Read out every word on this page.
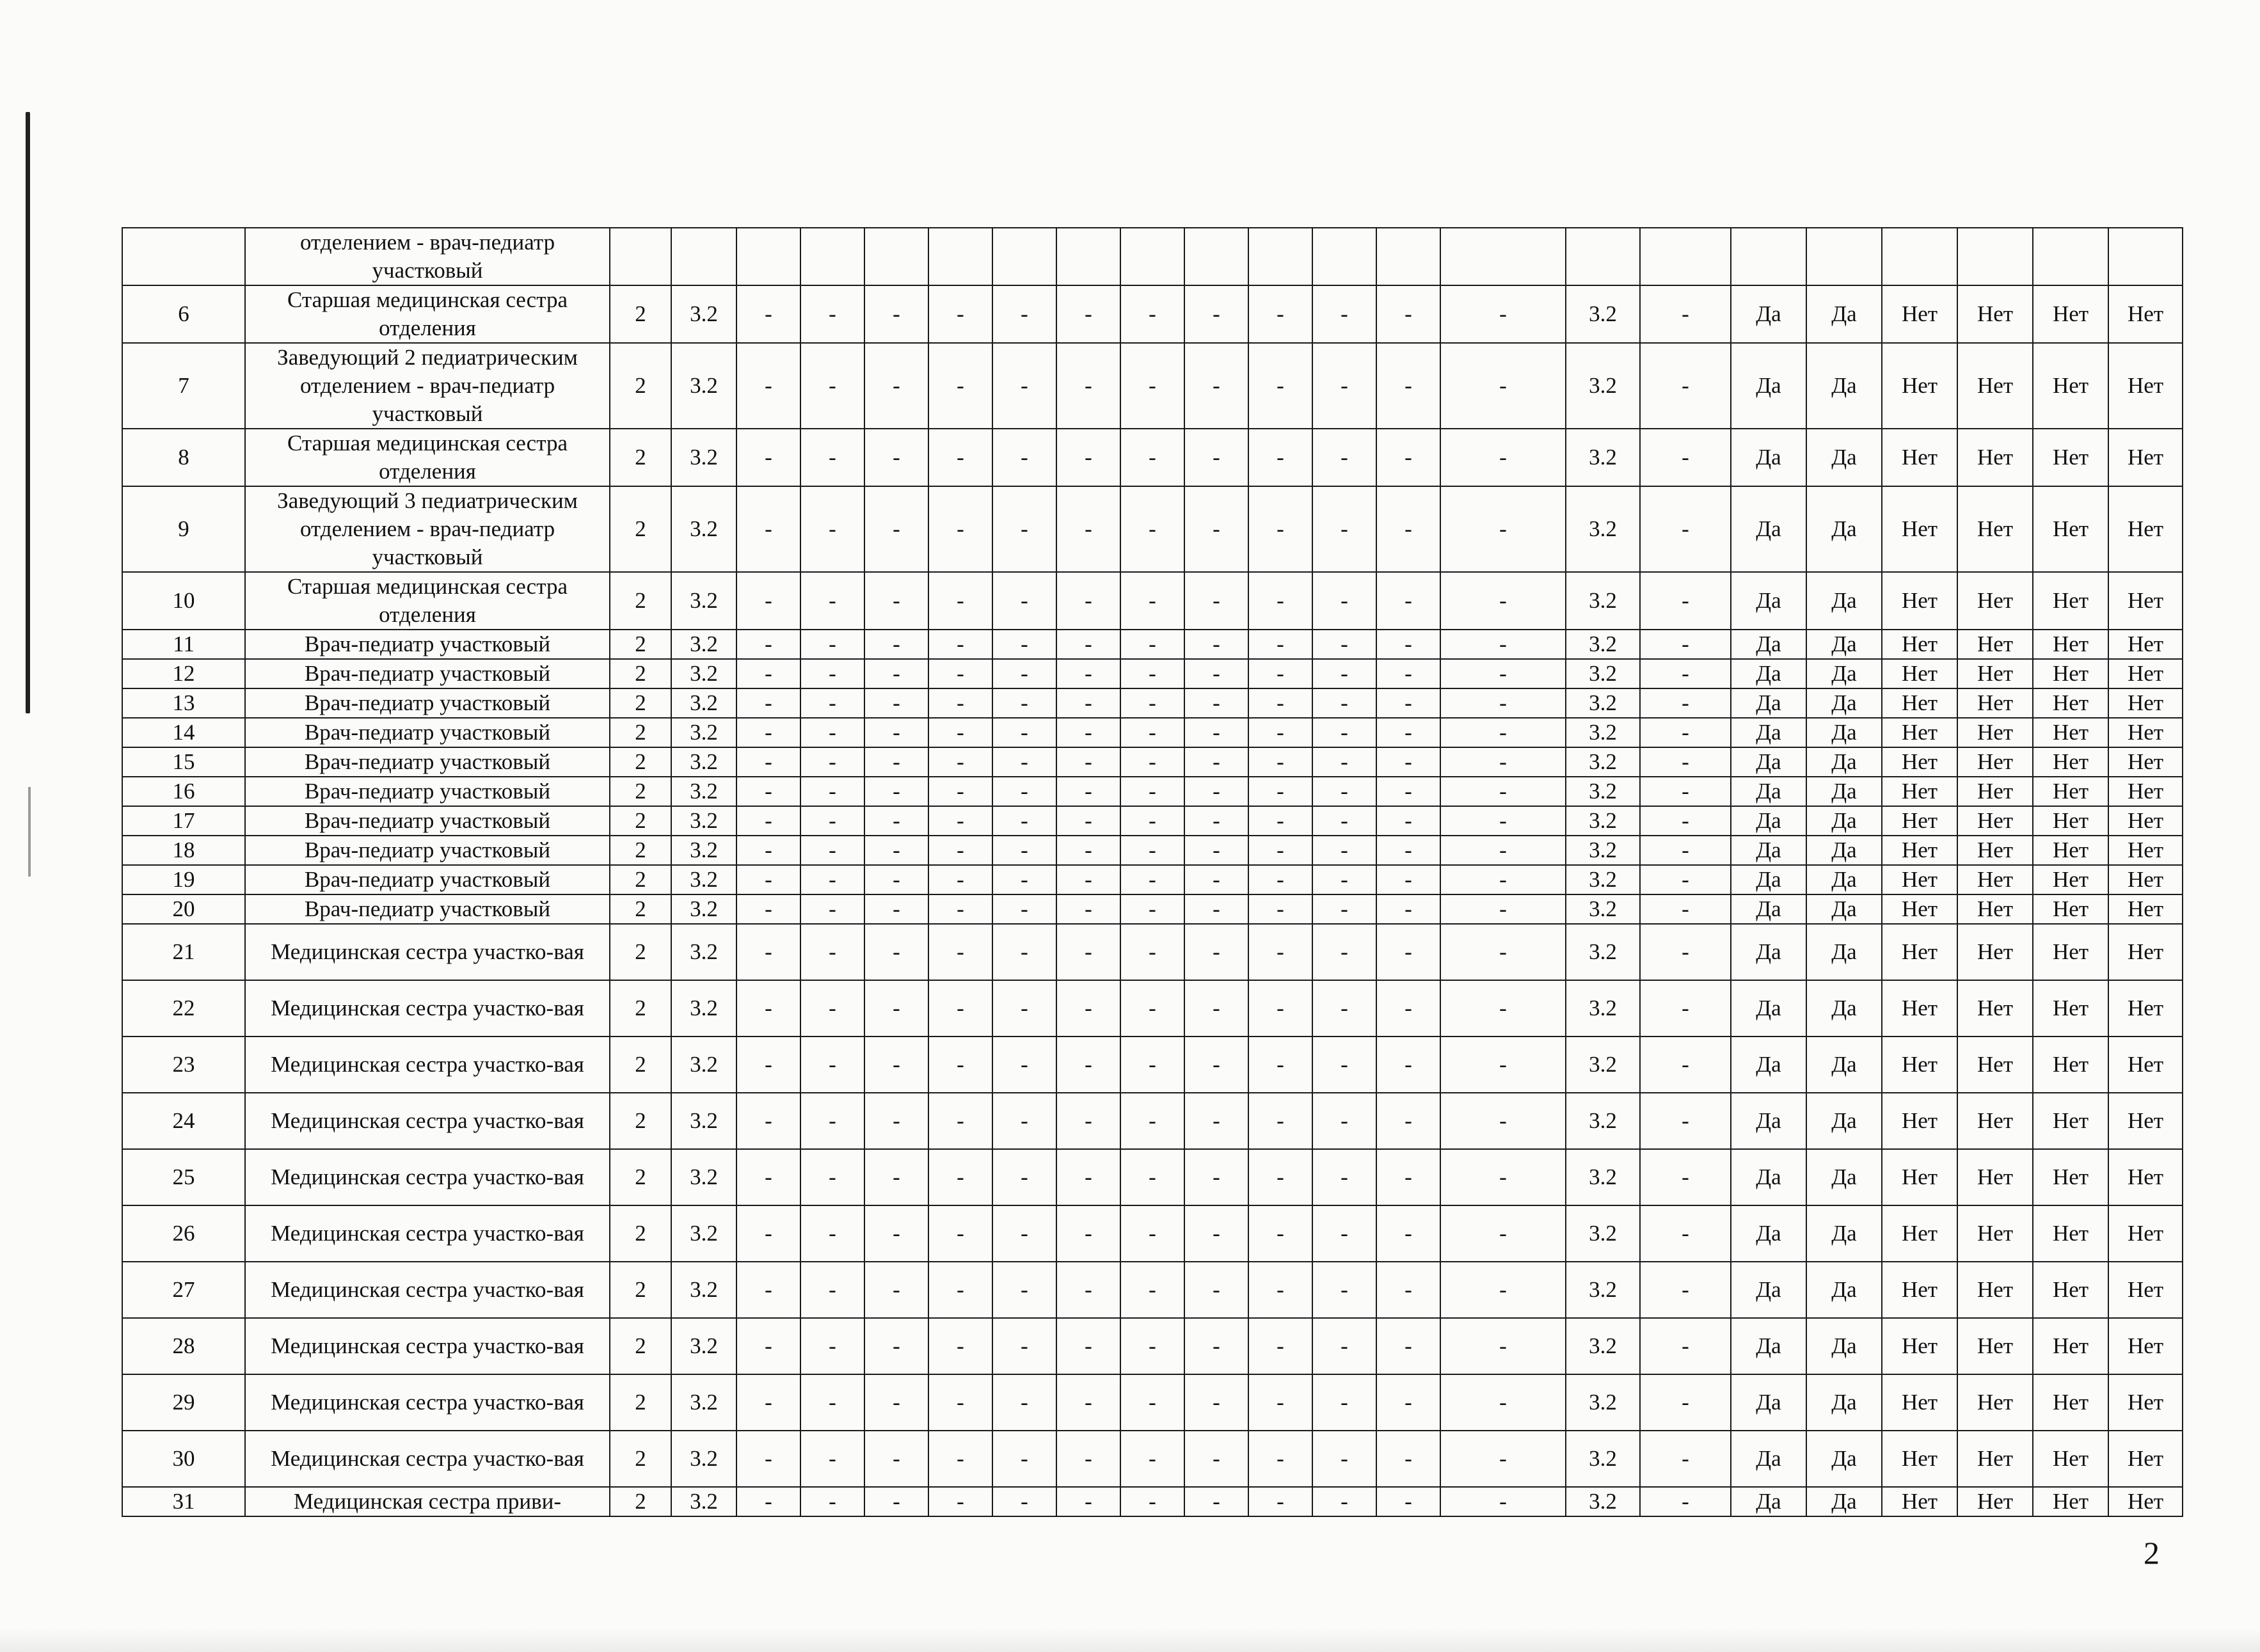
	отделением - врач-педиатр участковый																						
6	Старшая медицинская сестра отделения	2	3.2	-	-	-	-	-	-	-	-	-	-	-	-	3.2	-	Да	Да	Нет	Нет	Нет	Нет
7	Заведующий 2 педиатрическим отделением - врач-педиатр участковый	2	3.2	-	-	-	-	-	-	-	-	-	-	-	-	3.2	-	Да	Да	Нет	Нет	Нет	Нет
8	Старшая медицинская сестра отделения	2	3.2	-	-	-	-	-	-	-	-	-	-	-	-	3.2	-	Да	Да	Нет	Нет	Нет	Нет
9	Заведующий 3 педиатрическим отделением - врач-педиатр участковый	2	3.2	-	-	-	-	-	-	-	-	-	-	-	-	3.2	-	Да	Да	Нет	Нет	Нет	Нет
10	Старшая медицинская сестра отделения	2	3.2	-	-	-	-	-	-	-	-	-	-	-	-	3.2	-	Да	Да	Нет	Нет	Нет	Нет
11	Врач-педиатр участковый	2	3.2	-	-	-	-	-	-	-	-	-	-	-	-	3.2	-	Да	Да	Нет	Нет	Нет	Нет
12	Врач-педиатр участковый	2	3.2	-	-	-	-	-	-	-	-	-	-	-	-	3.2	-	Да	Да	Нет	Нет	Нет	Нет
13	Врач-педиатр участковый	2	3.2	-	-	-	-	-	-	-	-	-	-	-	-	3.2	-	Да	Да	Нет	Нет	Нет	Нет
14	Врач-педиатр участковый	2	3.2	-	-	-	-	-	-	-	-	-	-	-	-	3.2	-	Да	Да	Нет	Нет	Нет	Нет
15	Врач-педиатр участковый	2	3.2	-	-	-	-	-	-	-	-	-	-	-	-	3.2	-	Да	Да	Нет	Нет	Нет	Нет
16	Врач-педиатр участковый	2	3.2	-	-	-	-	-	-	-	-	-	-	-	-	3.2	-	Да	Да	Нет	Нет	Нет	Нет
17	Врач-педиатр участковый	2	3.2	-	-	-	-	-	-	-	-	-	-	-	-	3.2	-	Да	Да	Нет	Нет	Нет	Нет
18	Врач-педиатр участковый	2	3.2	-	-	-	-	-	-	-	-	-	-	-	-	3.2	-	Да	Да	Нет	Нет	Нет	Нет
19	Врач-педиатр участковый	2	3.2	-	-	-	-	-	-	-	-	-	-	-	-	3.2	-	Да	Да	Нет	Нет	Нет	Нет
20	Врач-педиатр участковый	2	3.2	-	-	-	-	-	-	-	-	-	-	-	-	3.2	-	Да	Да	Нет	Нет	Нет	Нет
21	Медицинская сестра участко-вая	2	3.2	-	-	-	-	-	-	-	-	-	-	-	-	3.2	-	Да	Да	Нет	Нет	Нет	Нет
22	Медицинская сестра участко-вая	2	3.2	-	-	-	-	-	-	-	-	-	-	-	-	3.2	-	Да	Да	Нет	Нет	Нет	Нет
23	Медицинская сестра участко-вая	2	3.2	-	-	-	-	-	-	-	-	-	-	-	-	3.2	-	Да	Да	Нет	Нет	Нет	Нет
24	Медицинская сестра участко-вая	2	3.2	-	-	-	-	-	-	-	-	-	-	-	-	3.2	-	Да	Да	Нет	Нет	Нет	Нет
25	Медицинская сестра участко-вая	2	3.2	-	-	-	-	-	-	-	-	-	-	-	-	3.2	-	Да	Да	Нет	Нет	Нет	Нет
26	Медицинская сестра участко-вая	2	3.2	-	-	-	-	-	-	-	-	-	-	-	-	3.2	-	Да	Да	Нет	Нет	Нет	Нет
27	Медицинская сестра участко-вая	2	3.2	-	-	-	-	-	-	-	-	-	-	-	-	3.2	-	Да	Да	Нет	Нет	Нет	Нет
28	Медицинская сестра участко-вая	2	3.2	-	-	-	-	-	-	-	-	-	-	-	-	3.2	-	Да	Да	Нет	Нет	Нет	Нет
29	Медицинская сестра участко-вая	2	3.2	-	-	-	-	-	-	-	-	-	-	-	-	3.2	-	Да	Да	Нет	Нет	Нет	Нет
30	Медицинская сестра участко-вая	2	3.2	-	-	-	-	-	-	-	-	-	-	-	-	3.2	-	Да	Да	Нет	Нет	Нет	Нет
31	Медицинская сестра приви-	2	3.2	-	-	-	-	-	-	-	-	-	-	-	-	3.2	-	Да	Да	Нет	Нет	Нет	Нет
2
